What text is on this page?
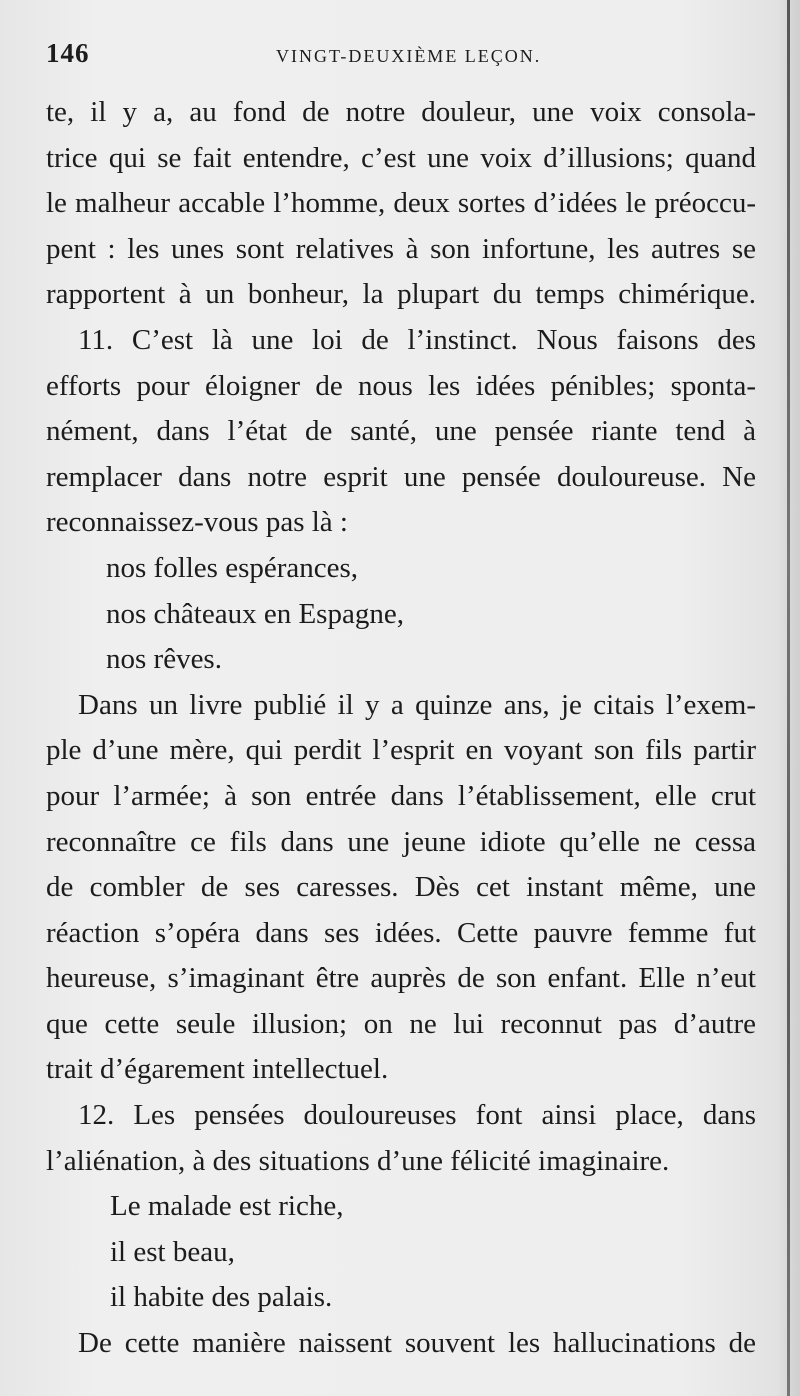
146	VINGT-DEUXIÈME LEÇON.
te, il y a, au fond de notre douleur, une voix consola-
trice qui se fait entendre, c’est une voix d’illusions; quand
le malheur accable l’homme, deux sortes d’idées le préoccu-
pent : les unes sont relatives à son infortune, les autres se
rapportent à un bonheur, la plupart du temps chimérique.
11. C’est là une loi de l’instinct. Nous faisons des
efforts pour éloigner de nous les idées pénibles; sponta-
nément, dans l’état de santé, une pensée riante tend à
remplacer dans notre esprit une pensée douloureuse. Ne
reconnaissez-vous pas là :
nos folles espérances,
nos châteaux en Espagne,
nos rêves.
Dans un livre publié il y a quinze ans, je citais l’exem-
ple d’une mère, qui perdit l’esprit en voyant son fils partir
pour l’armée; à son entrée dans l’établissement, elle crut
reconnaître ce fils dans une jeune idiote qu’elle ne cessa
de combler de ses caresses. Dès cet instant même, une
réaction s’opéra dans ses idées. Cette pauvre femme fut
heureuse, s’imaginant être auprès de son enfant. Elle n’eut
que cette seule illusion; on ne lui reconnut pas d’autre
trait d’égarement intellectuel.
12. Les pensées douloureuses font ainsi place, dans
l’aliénation, à des situations d’une félicité imaginaire.
Le malade est riche,
il est beau,
il habite des palais.
De cette manière naissent souvent les hallucinations de
